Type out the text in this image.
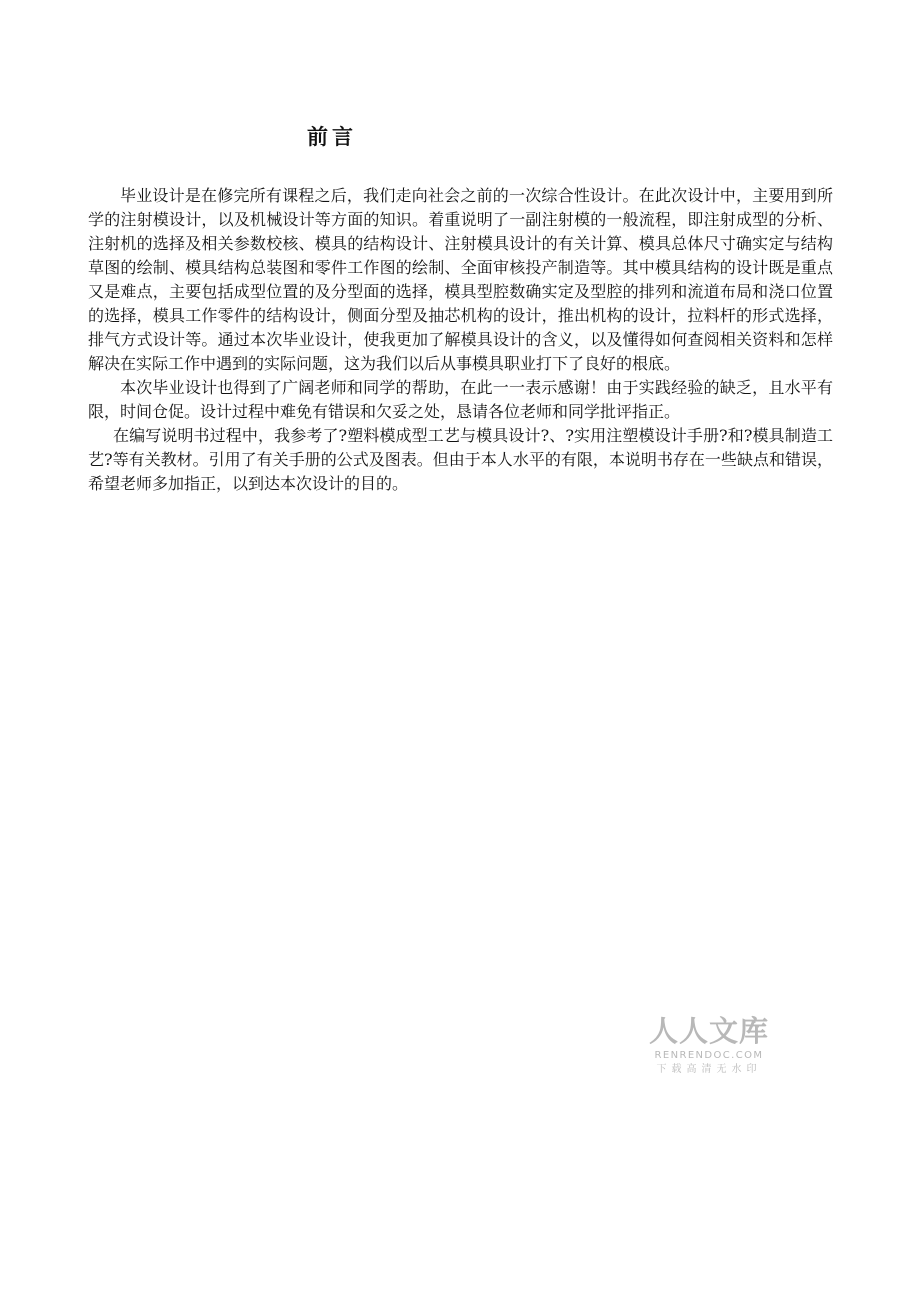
前言

毕业设计是在修完所有课程之后，我们走向社会之前的一次综合性设计。在此次设计中，主要用到所学的注射模设计，以及机械设计等方面的知识。着重说明了一副注射模的一般流程，即注射成型的分析、注射机的选择及相关参数校核、模具的结构设计、注射模具设计的有关计算、模具总体尺寸确实定与结构草图的绘制、模具结构总装图和零件工作图的绘制、全面审核投产制造等。其中模具结构的设计既是重点又是难点，主要包括成型位置的及分型面的选择，模具型腔数确实定及型腔的排列和流道布局和浇口位置的选择，模具工作零件的结构设计，侧面分型及抽芯机构的设计，推出机构的设计，拉料杆的形式选择，排气方式设计等。通过本次毕业设计，使我更加了解模具设计的含义，以及懂得如何查阅相关资料和怎样解决在实际工作中遇到的实际问题，这为我们以后从事模具职业打下了良好的根底。

本次毕业设计也得到了广阔老师和同学的帮助，在此一一表示感谢！由于实践经验的缺乏，且水平有限，时间仓促。设计过程中难免有错误和欠妥之处，恳请各位老师和同学批评指正。

在编写说明书过程中，我参考了?塑料模成型工艺与模具设计?、?实用注塑模设计手册?和?模具制造工艺?等有关教材。引用了有关手册的公式及图表。但由于本人水平的有限，本说明书存在一些缺点和错误，希望老师多加指正，以到达本次设计的目的。

人人文库
RENRENDOC.COM
下载高清无水印
